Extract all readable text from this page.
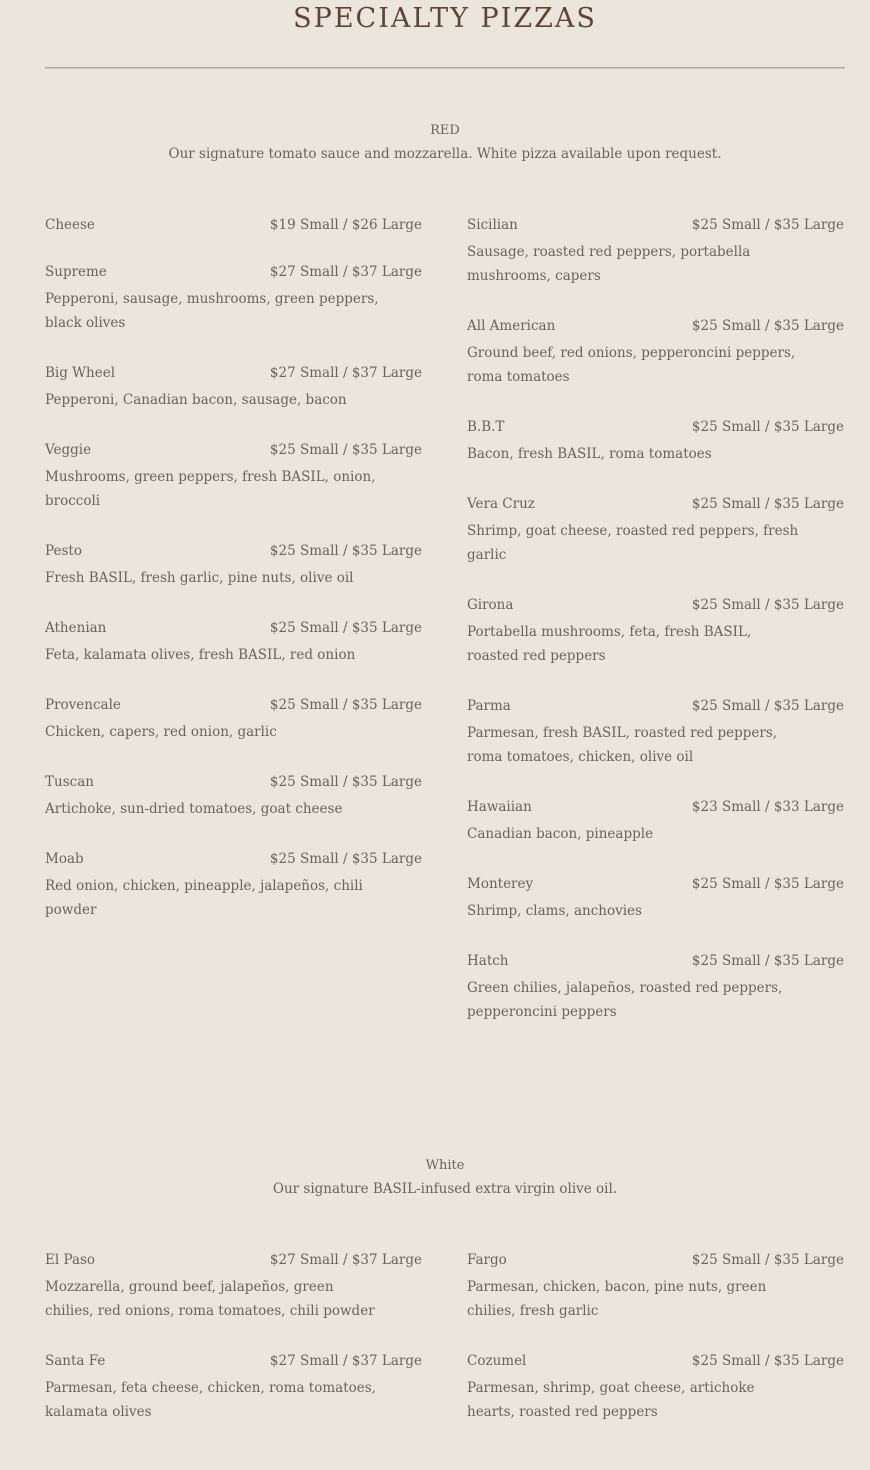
SPECIALTY PIZZAS
RED
Our signature tomato sauce and mozzarella. White pizza available upon request.
Cheese	$19 Small / $26 Large
Supreme	$27 Small / $37 Large
Pepperoni, sausage, mushrooms, green peppers, black olives
Big Wheel	$27 Small / $37 Large
Pepperoni, Canadian bacon, sausage, bacon
Veggie	$25 Small / $35 Large
Mushrooms, green peppers, fresh BASIL, onion, broccoli
Pesto	$25 Small / $35 Large
Fresh BASIL, fresh garlic, pine nuts, olive oil
Athenian	$25 Small / $35 Large
Feta, kalamata olives, fresh BASIL, red onion
Provencale	$25 Small / $35 Large
Chicken, capers, red onion, garlic
Tuscan	$25 Small / $35 Large
Artichoke, sun-dried tomatoes, goat cheese
Moab	$25 Small / $35 Large
Red onion, chicken, pineapple, jalapeños, chili powder
Sicilian	$25 Small / $35 Large
Sausage, roasted red peppers, portabella mushrooms, capers
All American	$25 Small / $35 Large
Ground beef, red onions, pepperoncini peppers, roma tomatoes
B.B.T	$25 Small / $35 Large
Bacon, fresh BASIL, roma tomatoes
Vera Cruz	$25 Small / $35 Large
Shrimp, goat cheese, roasted red peppers, fresh garlic
Girona	$25 Small / $35 Large
Portabella mushrooms, feta, fresh BASIL, roasted red peppers
Parma	$25 Small / $35 Large
Parmesan, fresh BASIL, roasted red peppers, roma tomatoes, chicken, olive oil
Hawaiian	$23 Small / $33 Large
Canadian bacon, pineapple
Monterey	$25 Small / $35 Large
Shrimp, clams, anchovies
Hatch	$25 Small / $35 Large
Green chilies, jalapeños, roasted red peppers, pepperoncini peppers
White
Our signature BASIL-infused extra virgin olive oil.
El Paso	$27 Small / $37 Large
Mozzarella, ground beef, jalapeños, green chilies, red onions, roma tomatoes, chili powder
Santa Fe	$27 Small / $37 Large
Parmesan, feta cheese, chicken, roma tomatoes, kalamata olives
Fargo	$25 Small / $35 Large
Parmesan, chicken, bacon, pine nuts, green chilies, fresh garlic
Cozumel	$25 Small / $35 Large
Parmesan, shrimp, goat cheese, artichoke hearts, roasted red peppers
